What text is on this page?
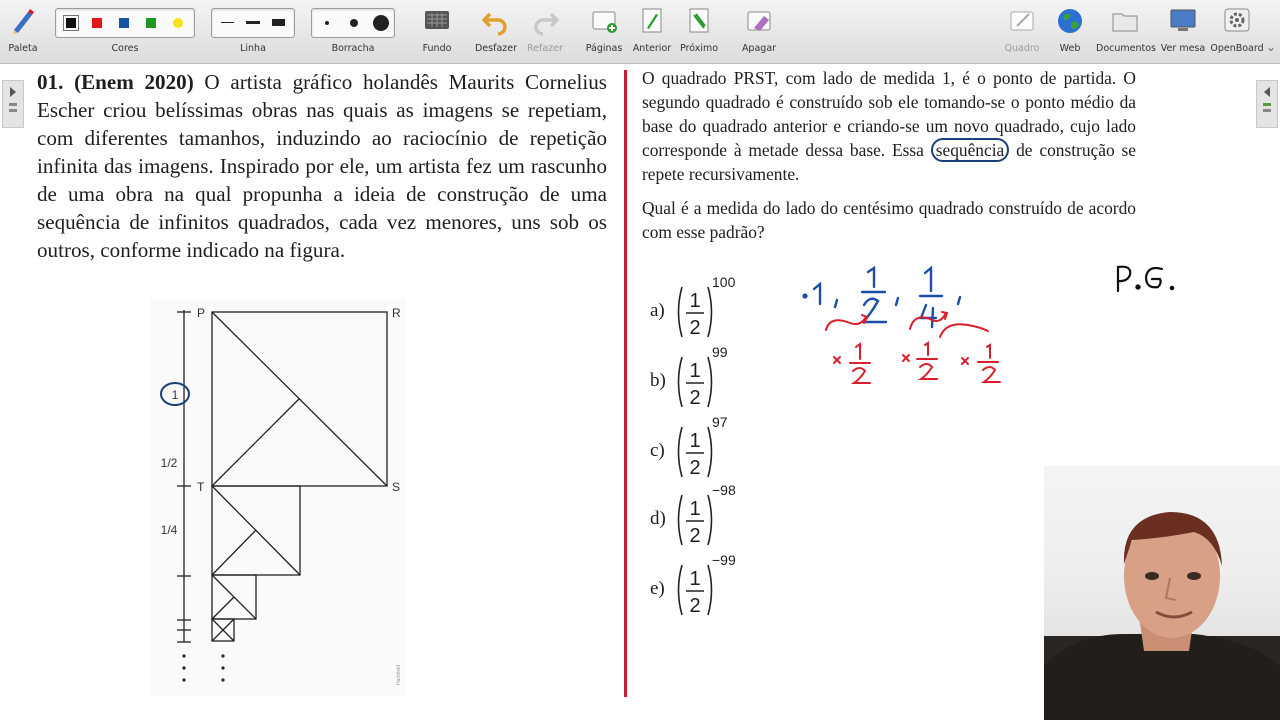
Paleta	Cores	Linha	Borracha	Fundo	Desfazer	Refazer	Páginas	Anterior Próximo	Apagar	Quadro	Web	Documentos Ver mesa OpenBoard ⌄

01. (Enem 2020) O artista gráfico holandês Maurits Cornelius Escher criou belíssimas obras nas quais as imagens se repetiam, com diferentes tamanhos, induzindo ao raciocínio de repetição infinita das imagens. Inspirado por ele, um artista fez um rascunho de uma obra na qual propunha a ideia de construção de uma sequência de infinitos quadrados, cada vez menores, uns sob os outros, conforme indicado na figura.

P	R
T	S
1/2
1/4
1
Harbfield

O quadrado PRST, com lado de medida 1, é o ponto de partida. O segundo quadrado é construído sob ele tomando-se o ponto médio da base do quadrado anterior e criando-se um novo quadrado, cujo lado corresponde à metade dessa base. Essa sequência de construção se repete recursivamente.

Qual é a medida do lado do centésimo quadrado construído de acordo com esse padrão?

a) 1
2
100
b) 1
2
99
c) 1
2
97
d) 1
2
−98
e) 1
2
−99
